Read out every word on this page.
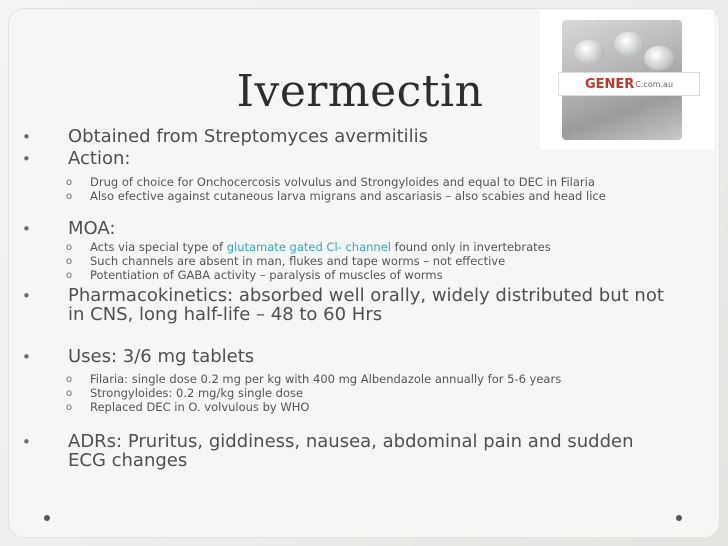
GENER C.com.au
Ivermectin
• Obtained from Streptomyces avermitilis
• Action:
o Drug of choice for Onchocercosis volvulus and Strongyloides and equal to DEC in Filaria
o Also efective against cutaneous larva migrans and ascariasis – also scabies and head lice
• MOA:
o Acts via special type of glutamate gated Cl- channel found only in invertebrates
o Such channels are absent in man, flukes and tape worms – not effective
o Potentiation of GABA activity – paralysis of muscles of worms
• Pharmacokinetics: absorbed well orally, widely distributed but not
in CNS, long half-life – 48 to 60 Hrs
• Uses: 3/6 mg tablets
o Filaria: single dose 0.2 mg per kg with 400 mg Albendazole annually for 5-6 years
o Strongyloides: 0.2 mg/kg single dose
o Replaced DEC in O. volvulous by WHO
• ADRs: Pruritus, giddiness, nausea, abdominal pain and sudden
ECG changes
